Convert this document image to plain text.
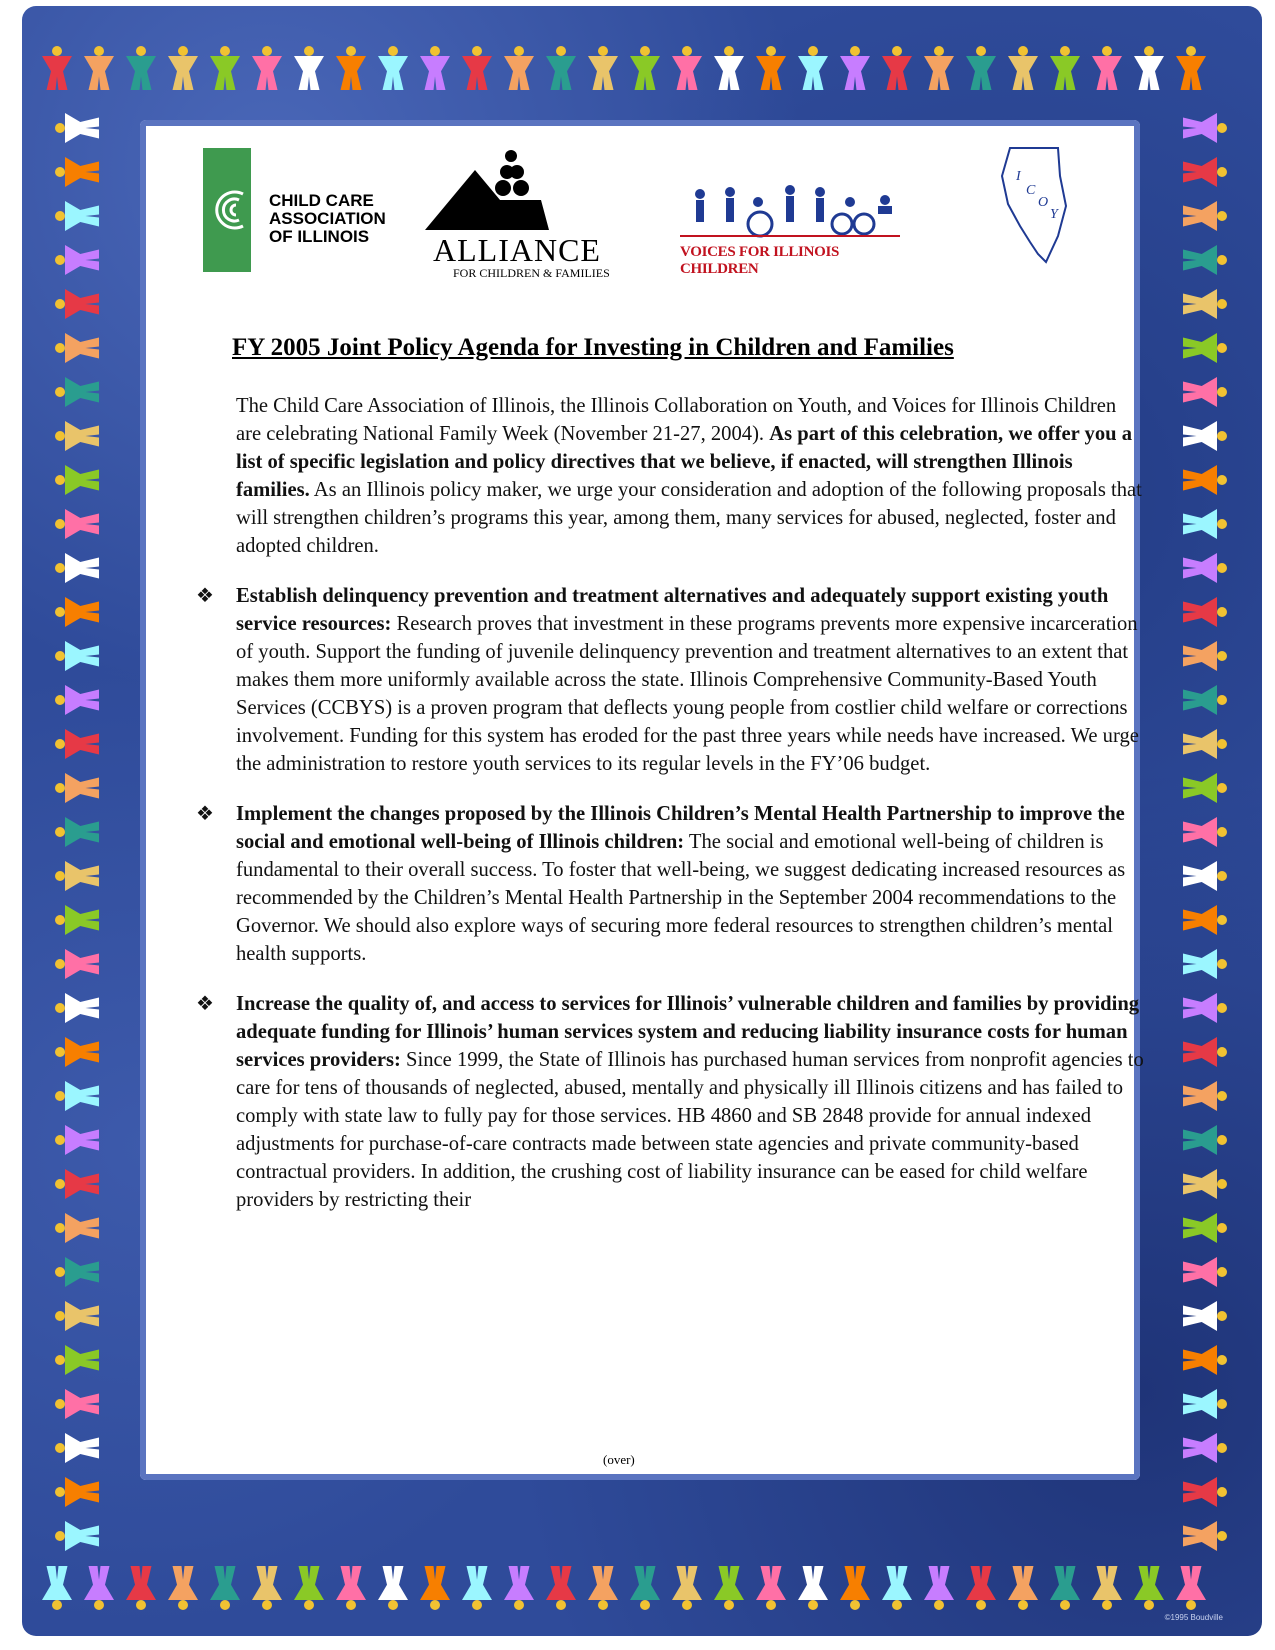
CHILD CARE
ASSOCIATION
OF ILLINOIS	ALLIANCE
FOR CHILDREN & FAMILIES
VOICES FOR ILLINOIS CHILDREN
I
C
O
Y
FY 2005 Joint Policy Agenda for Investing in Children and Families

The Child Care Association of Illinois, the Illinois Collaboration on Youth, and Voices for Illinois Children are celebrating National Family Week (November 21-27, 2004). As part of this celebration, we offer you a list of specific legislation and policy directives that we believe, if enacted, will strengthen Illinois families. As an Illinois policy maker, we urge your consideration and adoption of the following proposals that will strengthen children’s programs this year, among them, many services for abused, neglected, foster and adopted children.

❖ Establish delinquency prevention and treatment alternatives and adequately support existing youth service resources: Research proves that investment in these programs prevents more expensive incarceration of youth. Support the funding of juvenile delinquency prevention and treatment alternatives to an extent that makes them more uniformly available across the state. Illinois Comprehensive Community-Based Youth Services (CCBYS) is a proven program that deflects young people from costlier child welfare or corrections involvement. Funding for this system has eroded for the past three years while needs have increased. We urge the administration to restore youth services to its regular levels in the FY’06 budget.

❖ Implement the changes proposed by the Illinois Children’s Mental Health Partnership to improve the social and emotional well-being of Illinois children: The social and emotional well-being of children is fundamental to their overall success. To foster that well-being, we suggest dedicating increased resources as recommended by the Children’s Mental Health Partnership in the September 2004 recommendations to the Governor. We should also explore ways of securing more federal resources to strengthen children’s mental health supports.

❖ Increase the quality of, and access to services for Illinois’ vulnerable children and families by providing adequate funding for Illinois’ human services system and reducing liability insurance costs for human services providers: Since 1999, the State of Illinois has purchased human services from nonprofit agencies to care for tens of thousands of neglected, abused, mentally and physically ill Illinois citizens and has failed to comply with state law to fully pay for those services. HB 4860 and SB 2848 provide for annual indexed adjustments for purchase-of-care contracts made between state agencies and private community-based contractual providers. In addition, the crushing cost of liability insurance can be eased for child welfare providers by restricting their

(over)
©1995 Boudville
